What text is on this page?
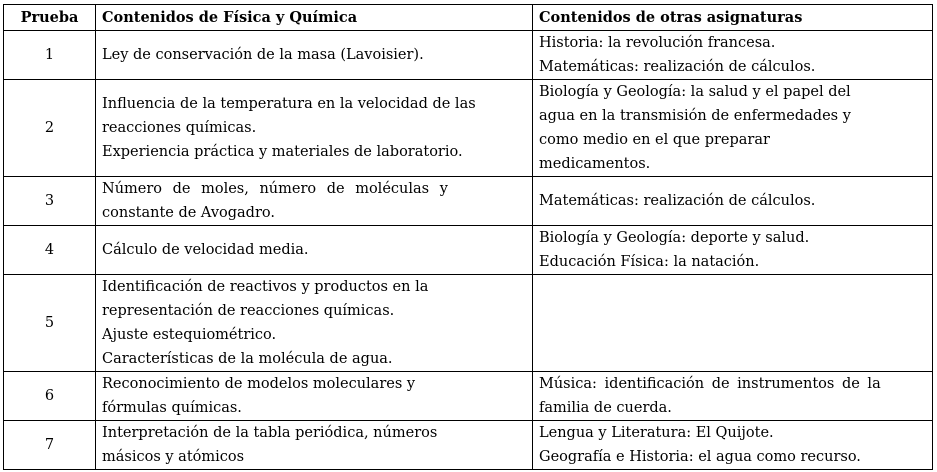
Prueba	Contenidos de Física y Química	Contenidos de otras asignaturas
1	Ley de conservación de la masa (Lavoisier).	Historia: la revolución francesa.
Matemáticas: realización de cálculos.

2	Influencia de la temperatura en la velocidad de las
reacciones químicas.
Experiencia práctica y materiales de laboratorio.	Biología y Geología: la salud y el papel del
agua en la transmisión de enfermedades y
como medio en el que preparar
medicamentos.

3	Número de moles, número de moléculas y
constante de Avogadro.	Matemáticas: realización de cálculos.

4	Cálculo de velocidad media.	Biología y Geología: deporte y salud.
Educación Física: la natación.

5	Identificación de reactivos y productos en la
representación de reacciones químicas.
Ajuste estequiométrico.
Características de la molécula de agua.	

6	Reconocimiento de modelos moleculares y
fórmulas químicas.	Música: identificación de instrumentos de la
familia de cuerda.

7	Interpretación de la tabla periódica, números
másicos y atómicos	Lengua y Literatura: El Quijote.
Geografía e Historia: el agua como recurso.
